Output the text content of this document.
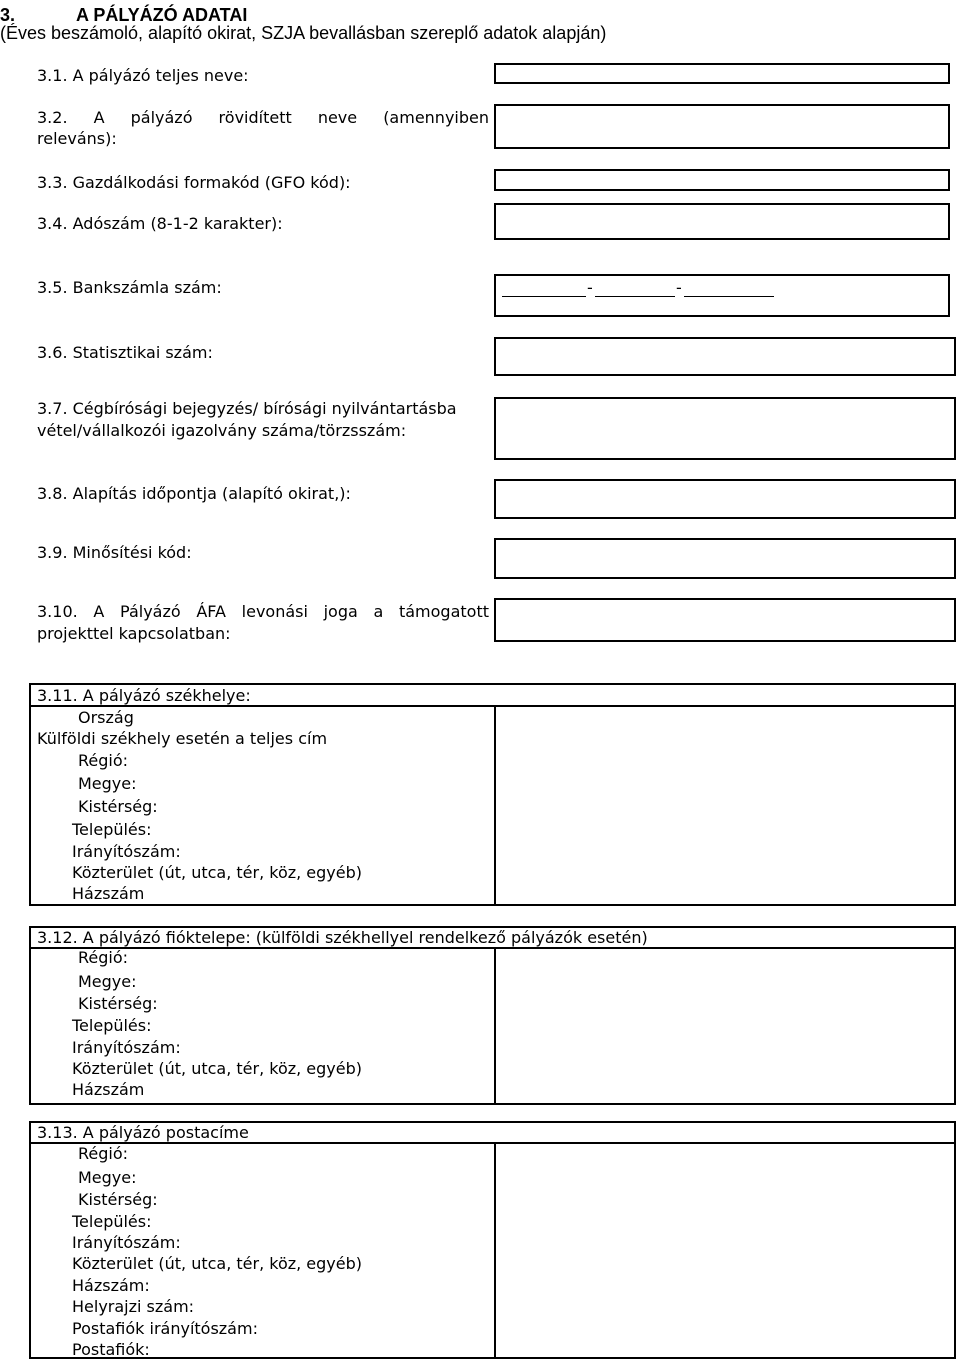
3.	A PÁLYÁZÓ ADATAI
(Éves beszámoló, alapító okirat, SZJA bevallásban szereplő adatok alapján)
3.1. A pályázó teljes neve:
3.2. A pályázó rövidített neve (amennyiben
releváns):
3.3. Gazdálkodási formakód (GFO kód):
3.4. Adószám (8-1-2 karakter):
3.5. Bankszámla szám:	-	-
3.6. Statisztikai szám:
3.7. Cégbírósági bejegyzés/ bírósági nyilvántartásba
vétel/vállalkozói igazolvány száma/törzsszám:
3.8. Alapítás időpontja (alapító okirat,):
3.9. Minősítési kód:
3.10. A Pályázó ÁFA levonási joga a támogatott
projekttel kapcsolatban:
3.11. A pályázó székhelye:
Ország
Külföldi székhely esetén a teljes cím
Régió:
Megye:
Kistérség:
Település:
Irányítószám:
Közterület (út, utca, tér, köz, egyéb)
Házszám
3.12. A pályázó fióktelepe: (külföldi székhellyel rendelkező pályázók esetén)
Régió:
Megye:
Kistérség:
Település:
Irányítószám:
Közterület (út, utca, tér, köz, egyéb)
Házszám
3.13. A pályázó postacíme
Régió:
Megye:
Kistérség:
Település:
Irányítószám:
Közterület (út, utca, tér, köz, egyéb)
Házszám:
Helyrajzi szám:
Postafiók irányítószám:
Postafiók:
